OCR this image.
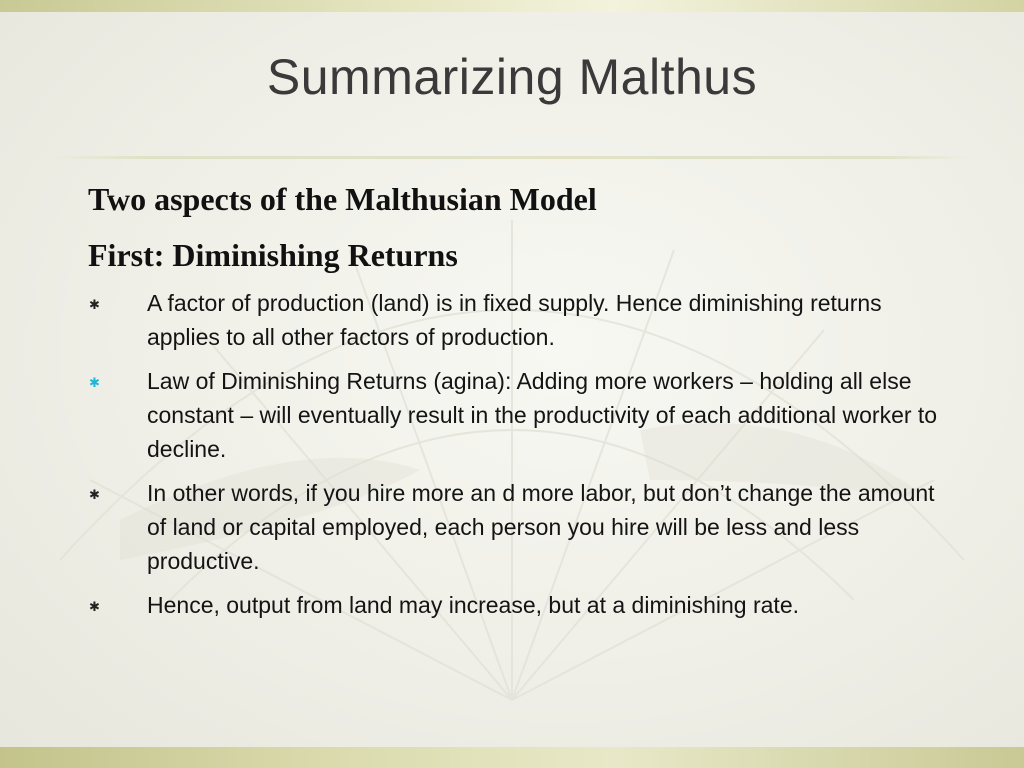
Summarizing Malthus
Two aspects of the Malthusian Model
First: Diminishing Returns
✱	A factor of production (land) is in fixed supply. Hence diminishing returns applies to all other factors of production.
✱	Law of Diminishing Returns (agina): Adding more workers – holding all else constant – will eventually result in the productivity of each additional worker to decline.
✱	In other words, if you hire more an d more labor, but don’t change the amount of land or capital employed, each person you hire will be less and less productive.
✱	Hence, output from land may increase, but at a diminishing rate.
